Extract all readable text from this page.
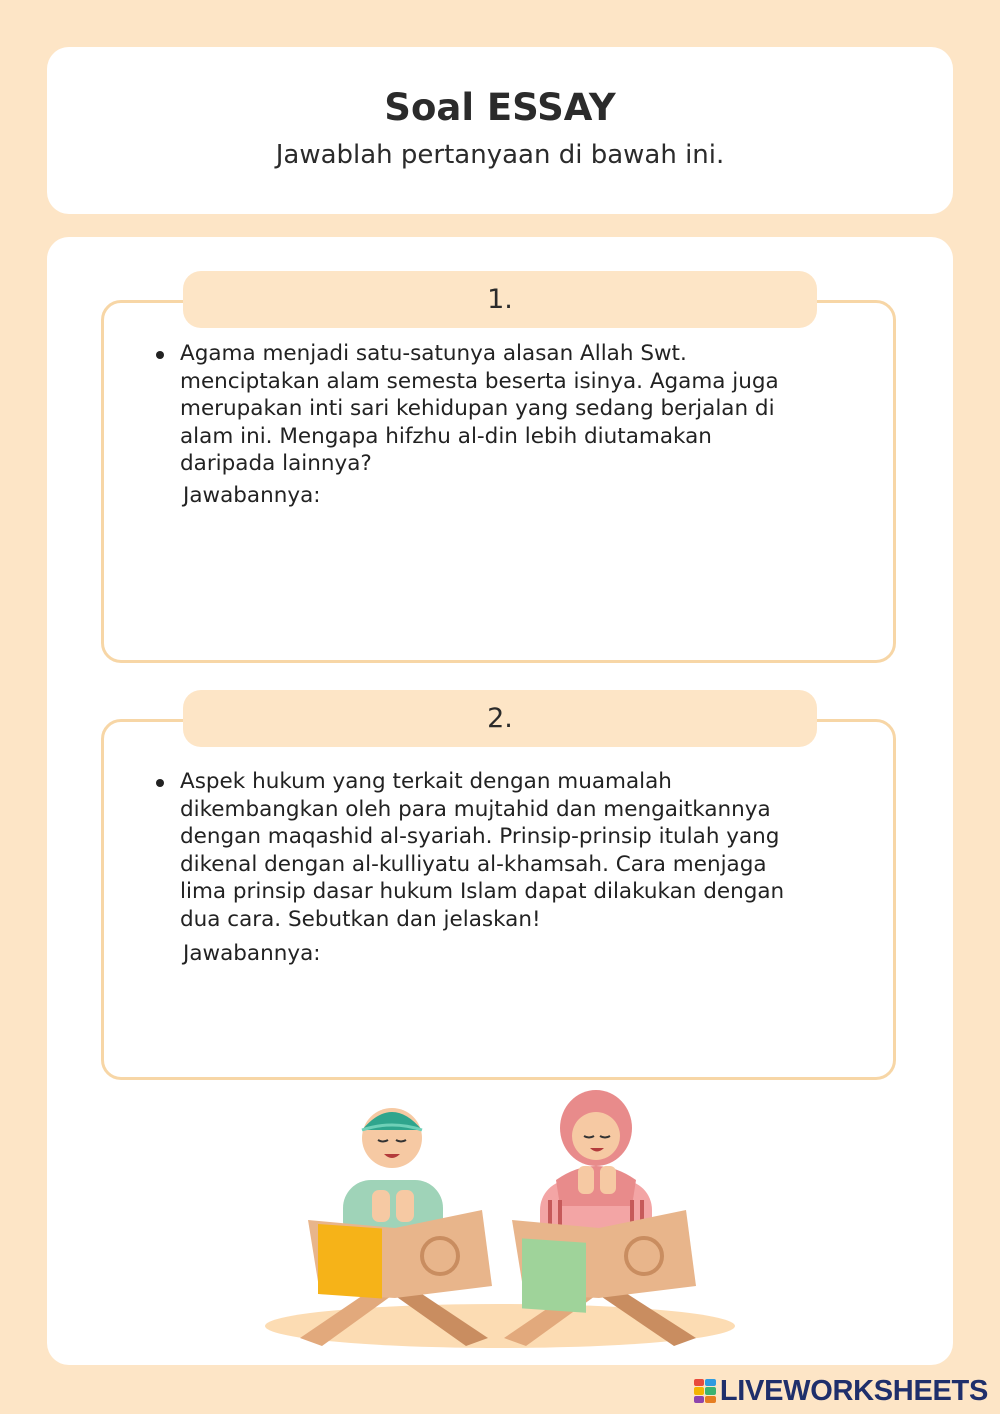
Soal ESSAY
Jawablah pertanyaan di bawah ini.
1.
Agama menjadi satu-satunya alasan Allah Swt.
menciptakan alam semesta beserta isinya. Agama juga
merupakan inti sari kehidupan yang sedang berjalan di
alam ini. Mengapa hifzhu al-din lebih diutamakan
daripada lainnya?
Jawabannya:
2.
Aspek hukum yang terkait dengan muamalah
dikembangkan oleh para mujtahid dan mengaitkannya
dengan maqashid al-syariah. Prinsip-prinsip itulah yang
dikenal dengan al-kulliyatu al-khamsah. Cara menjaga
lima prinsip dasar hukum Islam dapat dilakukan dengan
dua cara. Sebutkan dan jelaskan!
Jawabannya:
LIVEWORKSHEETS
